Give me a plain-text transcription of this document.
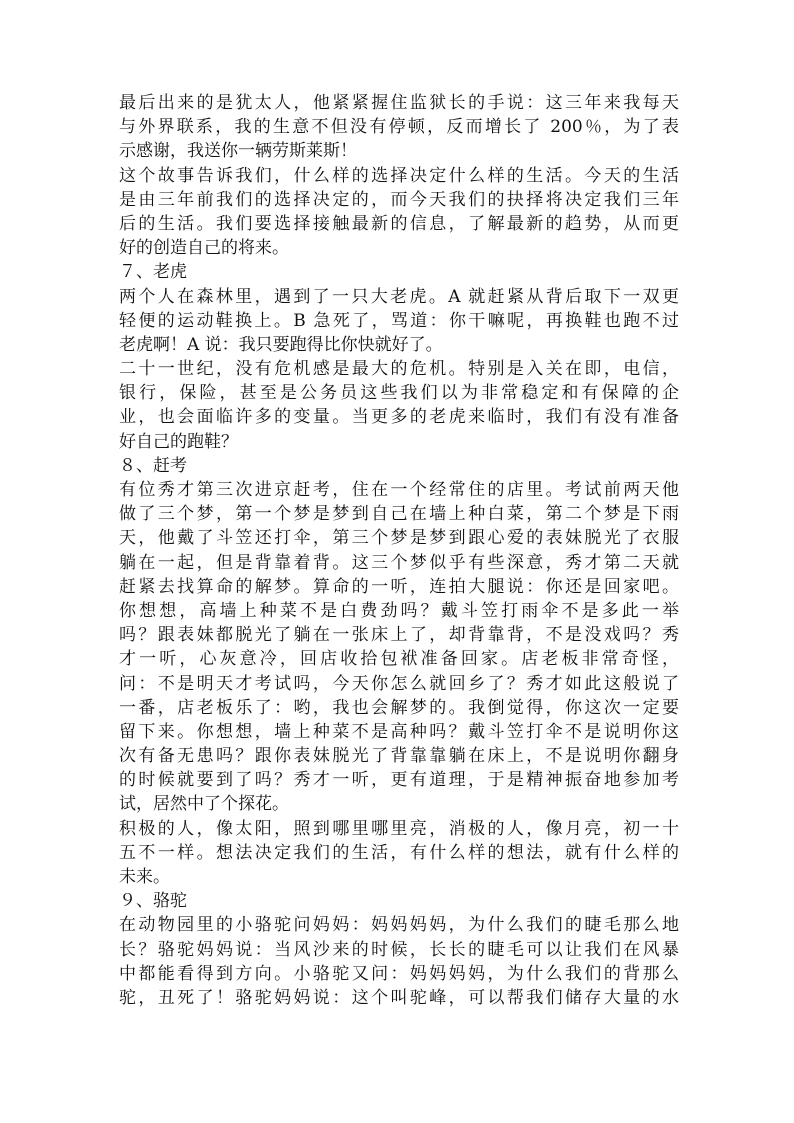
最后出来的是犹太人，他紧紧握住监狱长的手说：这三年来我每天
与外界联系，我的生意不但没有停顿，反而增长了 200％，为了表
示感谢，我送你一辆劳斯莱斯！
这个故事告诉我们，什么样的选择决定什么样的生活。今天的生活
是由三年前我们的选择决定的，而今天我们的抉择将决定我们三年
后的生活。我们要选择接触最新的信息，了解最新的趋势，从而更
好的创造自己的将来。
７、老虎
两个人在森林里，遇到了一只大老虎。A 就赶紧从背后取下一双更
轻便的运动鞋换上。B 急死了，骂道：你干嘛呢，再换鞋也跑不过
老虎啊！A 说：我只要跑得比你快就好了。
二十一世纪，没有危机感是最大的危机。特别是入关在即，电信，
银行，保险，甚至是公务员这些我们以为非常稳定和有保障的企
业，也会面临许多的变量。当更多的老虎来临时，我们有没有准备
好自己的跑鞋？
８、赶考
有位秀才第三次进京赶考，住在一个经常住的店里。考试前两天他
做了三个梦，第一个梦是梦到自己在墙上种白菜，第二个梦是下雨
天，他戴了斗笠还打伞，第三个梦是梦到跟心爱的表妹脱光了衣服
躺在一起，但是背靠着背。这三个梦似乎有些深意，秀才第二天就
赶紧去找算命的解梦。算命的一听，连拍大腿说：你还是回家吧。
你想想，高墙上种菜不是白费劲吗？戴斗笠打雨伞不是多此一举
吗？跟表妹都脱光了躺在一张床上了，却背靠背，不是没戏吗？秀
才一听，心灰意冷，回店收拾包袱准备回家。店老板非常奇怪，
问：不是明天才考试吗，今天你怎么就回乡了？秀才如此这般说了
一番，店老板乐了：哟，我也会解梦的。我倒觉得，你这次一定要
留下来。你想想，墙上种菜不是高种吗？戴斗笠打伞不是说明你这
次有备无患吗？跟你表妹脱光了背靠靠躺在床上，不是说明你翻身
的时候就要到了吗？秀才一听，更有道理，于是精神振奋地参加考
试，居然中了个探花。
积极的人，像太阳，照到哪里哪里亮，消极的人，像月亮，初一十
五不一样。想法决定我们的生活，有什么样的想法，就有什么样的
未来。
９、骆驼
在动物园里的小骆驼问妈妈：妈妈妈妈，为什么我们的睫毛那么地
长？骆驼妈妈说：当风沙来的时候，长长的睫毛可以让我们在风暴
中都能看得到方向。小骆驼又问：妈妈妈妈，为什么我们的背那么
驼，丑死了！骆驼妈妈说：这个叫驼峰，可以帮我们储存大量的水
